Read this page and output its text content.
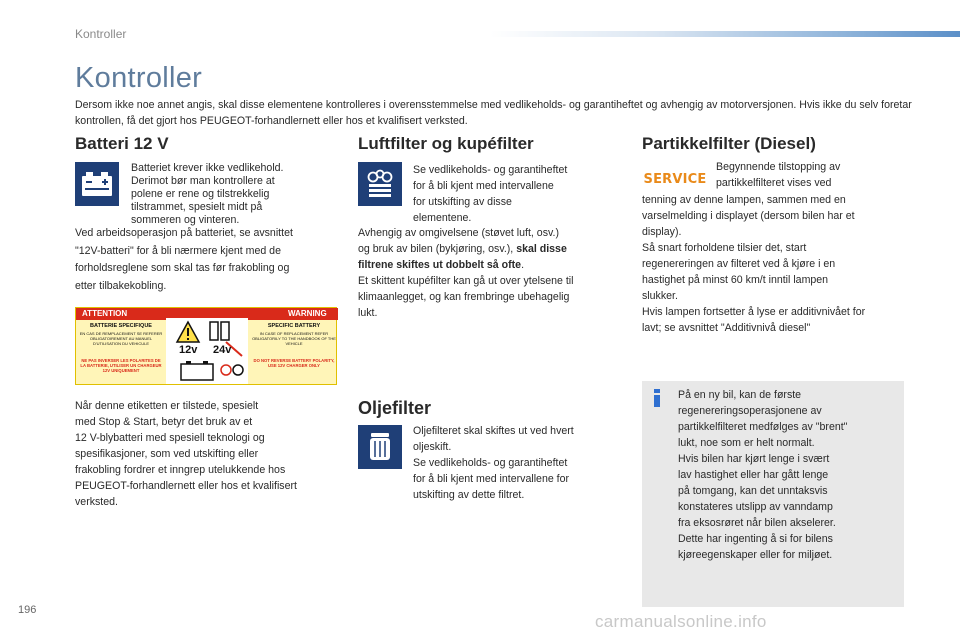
Kontroller
Kontroller

Dersom ikke noe annet angis, skal disse elementene kontrolleres i overensstemmelse med vedlikeholds- og garantiheftet og avhengig av motorversjonen. Hvis ikke du selv foretar kontrollen, få det gjort hos PEUGEOT-forhandlernett eller hos et kvalifisert verksted.

Batteri 12 V
Batteriet krever ikke vedlikehold.
Derimot bør man kontrollere at
polene er rene og tilstrekkelig
tilstrammet, spesielt midt på
sommeren og vinteren.
Ved arbeidsoperasjon på batteriet, se avsnittet
"12V-batteri" for å bli nærmere kjent med de
forholdsreglene som skal tas før frakobling og
etter tilbakekobling.
ATTENTION	WARNING
BATTERIE SPECIFIQUE
EN CAS DE REMPLACEMENT SE REFERER OBLIGATOIREMENT AU MANUEL D'UTILISATION DU VEHICULE
NE PAS INVERSER LES POLARITES DE LA BATTERIE, UTILISER UN CHARGEUR 12V UNIQUEMENT
SPECIFIC BATTERY
IN CASE OF REPLACEMENT REFER OBLIGATORILY TO THE HANDBOOK OF THE VEHICLE
DO NOT REVERSE BATTERY POLARITY, USE 12V CHARGER ONLY
12v 24v
Når denne etiketten er tilstede, spesielt
med Stop & Start, betyr det bruk av et
12 V-blybatteri med spesiell teknologi og
spesifikasjoner, som ved utskifting eller
frakobling fordrer et inngrep utelukkende hos
PEUGEOT-forhandlernett eller hos et kvalifisert
verksted.
Luftfilter og kupéfilter
Se vedlikeholds- og garantiheftet
for å bli kjent med intervallene
for utskifting av disse
elementene.
Avhengig av omgivelsene (støvet luft, osv.)
og bruk av bilen (bykjøring, osv.), skal disse
filtrene skiftes ut dobbelt så ofte.
Et skittent kupéfilter kan gå ut over ytelsene til
klimaanlegget, og kan frembringe ubehagelig
lukt.
Oljefilter
Oljefilteret skal skiftes ut ved hvert
oljeskift.
Se vedlikeholds- og garantiheftet
for å bli kjent med intervallene for
utskifting av dette filtret.
Partikkelfilter (Diesel)
SERVICE
Begynnende tilstopping av
partikkelfilteret vises ved
tenning av denne lampen, sammen med en
varselmelding i displayet (dersom bilen har et
display).
Så snart forholdene tilsier det, start
regenereringen av filteret ved å kjøre i en
hastighet på minst 60 km/t inntil lampen
slukker.
Hvis lampen fortsetter å lyse er additivnivået for
lavt; se avsnittet "Additivnivå diesel"
På en ny bil, kan de første
regenereringsoperasjonene av
partikkelfilteret medfølges av "brent"
lukt, noe som er helt normalt.
Hvis bilen har kjørt lenge i svært
lav hastighet eller har gått lenge
på tomgang, kan det unntaksvis
konstateres utslipp av vanndamp
fra eksosrøret når bilen akselerer.
Dette har ingenting å si for bilens
kjøreegenskaper eller for miljøet.
196
carmanualsonline.info
